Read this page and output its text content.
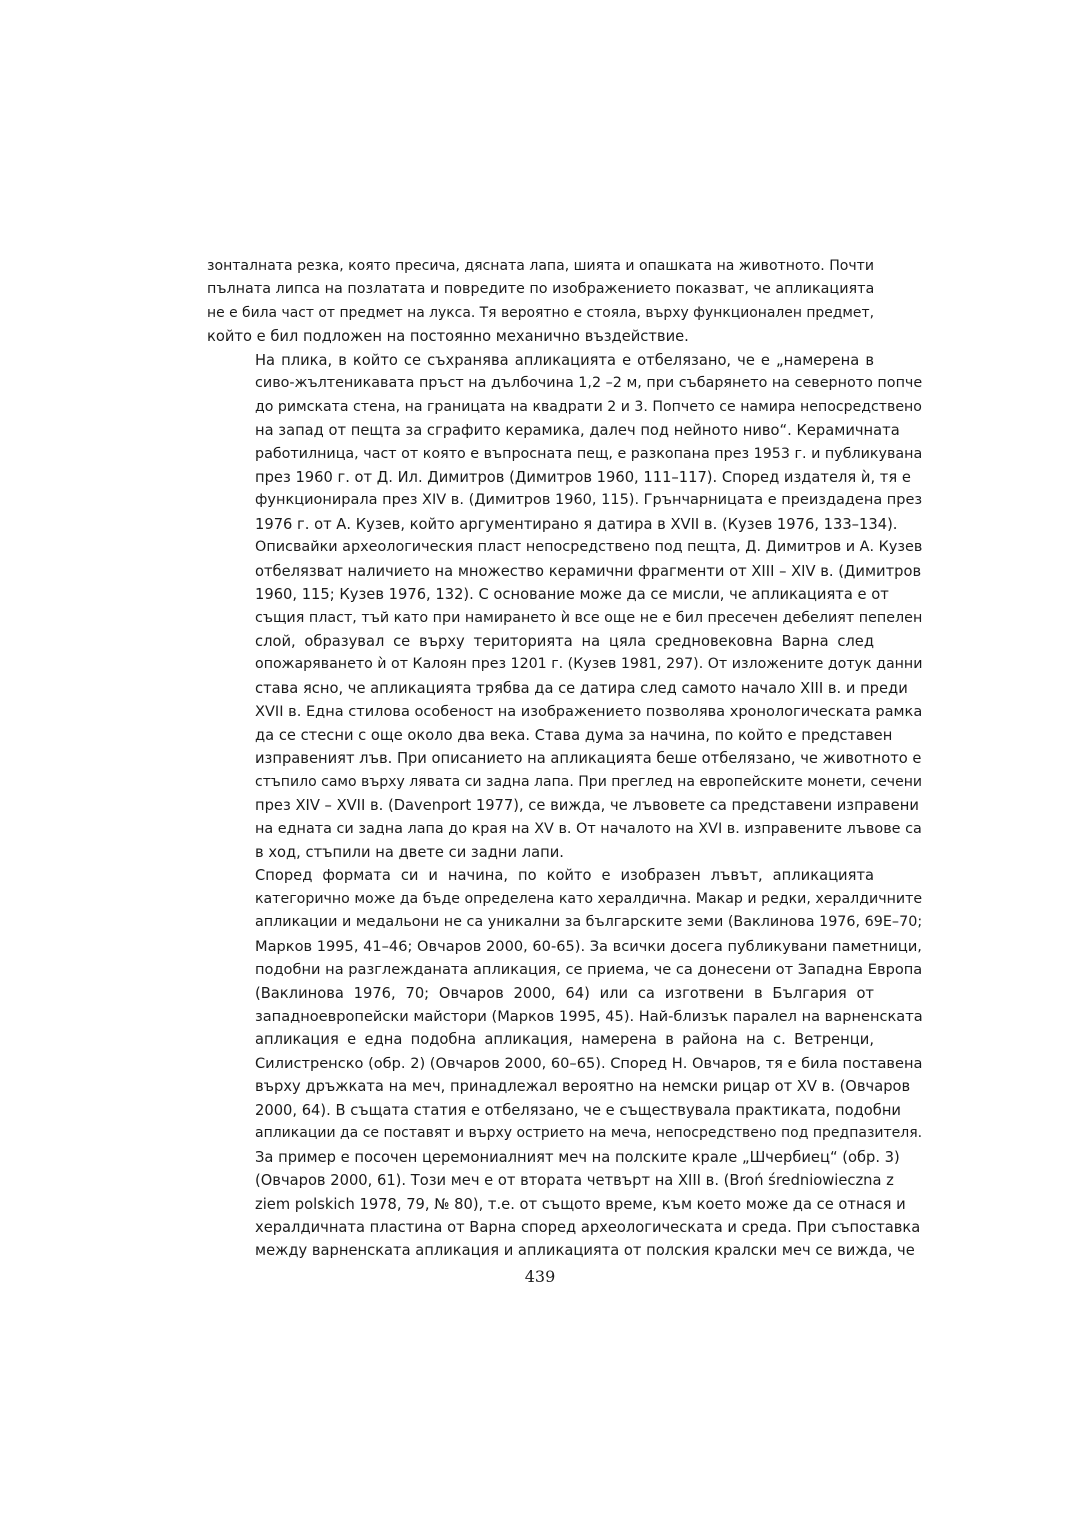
зонталната резка, която пресича, дясната лапа, шията и опашката на животното. Почти
пълната липса на позлатата и повредите по изображението показват, че апликацията
не е била част от предмет на лукса. Тя вероятно е стояла, върху функционален предмет,
който е бил подложен на постоянно механично въздействие.
На плика, в който се съхранява апликацията е отбелязано, че е „намерена в
сиво-жълтеникавата пръст на дълбочина 1,2 –2 м, при събарянето на северното попче
до римската стена, на границата на квадрати 2 и 3. Попчето се намира непосредствено
на запад от пещта за сграфито керамика, далеч под нейното ниво“. Керамичната
работилница, част от която е въпросната пещ, е разкопана през 1953 г. и публикувана
през 1960 г. от Д. Ил. Димитров (Димитров 1960, 111–117). Според издателя ѝ, тя е
функционирала през XIV в. (Димитров 1960, 115). Грънчарницата е преиздадена през
1976 г. от А. Кузев, който аргументирано я датира в XVII в. (Кузев 1976, 133–134).
Описвайки археологическия пласт непосредствено под пещта, Д. Димитров и А. Кузев
отбелязват наличието на множество керамични фрагменти от XIII – XIV в. (Димитров
1960, 115; Кузев 1976, 132). С основание може да се мисли, че апликацията е от
същия пласт, тъй като при намирането ѝ все още не е бил пресечен дебелият пепелен
слой, образувал се върху територията на цяла средновековна Варна след
опожаряването ѝ от Калоян през 1201 г. (Кузев 1981, 297). От изложените дотук данни
става ясно, че апликацията трябва да се датира след самото начало XIII в. и преди
XVII в. Една стилова особеност на изображението позволява хронологическата рамка
да се стесни с още около два века. Става дума за начина, по който е представен
изправеният лъв. При описанието на апликацията беше отбелязано, че животното е
стъпило само върху лявата си задна лапа. При преглед на европейските монети, сечени
през XIV – XVII в. (Davenport 1977), се вижда, че лъвовете са представени изправени
на едната си задна лапа до края на XV в. От началото на XVI в. изправените лъвове са
в ход, стъпили на двете си задни лапи.
Според формата си и начина, по който е изобразен лъвът, апликацията
категорично може да бъде определена като хералдична. Макар и редки, хералдичните
апликации и медальони не са уникални за българските земи (Ваклинова 1976, 69E–70;
Марков 1995, 41–46; Овчаров 2000, 60-65). За всички досега публикувани паметници,
подобни на разглежданата апликация, се приема, че са донесени от Западна Европа
(Ваклинова 1976, 70; Овчаров 2000, 64) или са изготвени в България от
западноевропейски майстори (Марков 1995, 45). Най-близък паралел на варненската
апликация е една подобна апликация, намерена в района на с. Ветренци,
Силистренско (обр. 2) (Овчаров 2000, 60–65). Според Н. Овчаров, тя е била поставена
върху дръжката на меч, принадлежал вероятно на немски рицар от XV в. (Овчаров
2000, 64). В същата статия е отбелязано, че е съществувала практиката, подобни
апликации да се поставят и върху острието на меча, непосредствено под предпазителя.
За пример е посочен церемониалният меч на полските крале „Шчербиец“ (обр. 3)
(Овчаров 2000, 61). Този меч е от втората четвърт на XIII в. (Broń średniowieczna z
ziem polskich 1978, 79, № 80), т.е. от същото време, към което може да се отнася и
хералдичната пластина от Варна според археологическата и среда. При съпоставка
между варненската апликация и апликацията от полския кралски меч се вижда, че
439
